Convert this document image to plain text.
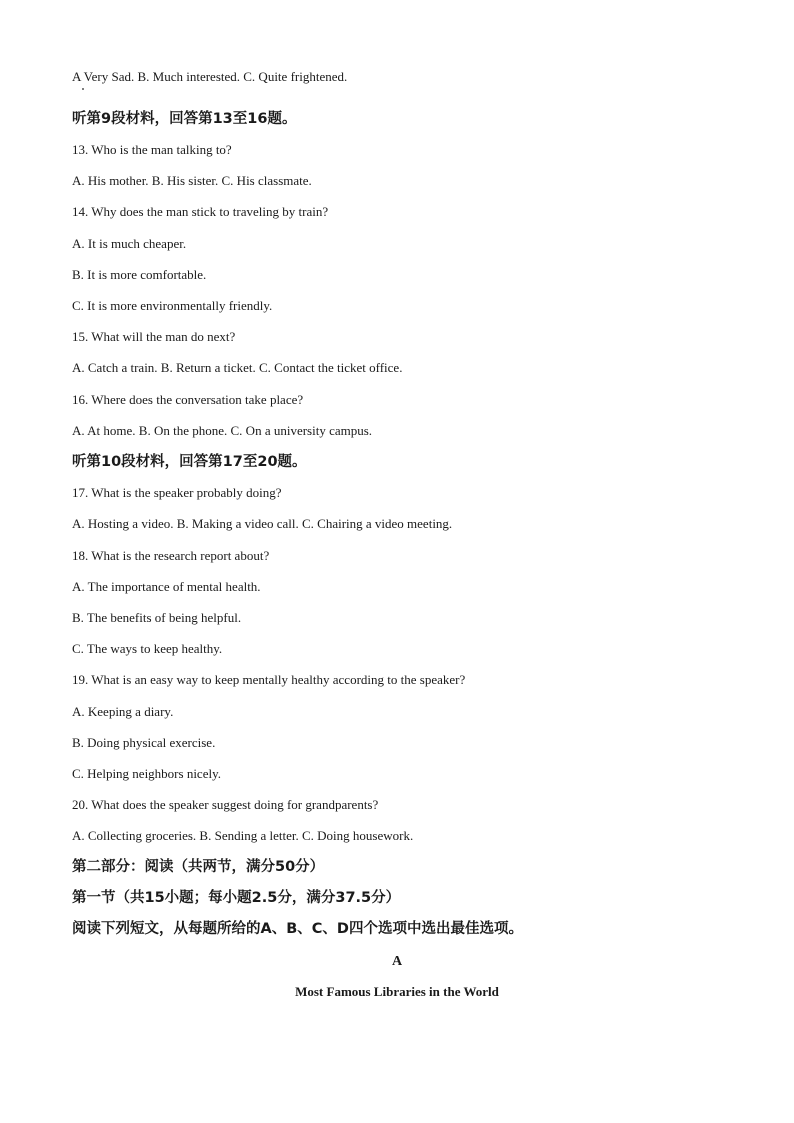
A Very Sad. B. Much interested. C. Quite frightened.
听第9段材料，回答第13至16题。
13. Who is the man talking to?
A. His mother. B. His sister. C. His classmate.
14. Why does the man stick to traveling by train?
A. It is much cheaper.
B. It is more comfortable.
C. It is more environmentally friendly.
15. What will the man do next?
A. Catch a train. B. Return a ticket. C. Contact the ticket office.
16. Where does the conversation take place?
A. At home. B. On the phone. C. On a university campus.
听第10段材料，回答第17至20题。
17. What is the speaker probably doing?
A. Hosting a video. B. Making a video call. C. Chairing a video meeting.
18. What is the research report about?
A. The importance of mental health.
B. The benefits of being helpful.
C. The ways to keep healthy.
19. What is an easy way to keep mentally healthy according to the speaker?
A. Keeping a diary.
B. Doing physical exercise.
C. Helping neighbors nicely.
20. What does the speaker suggest doing for grandparents?
A. Collecting groceries. B. Sending a letter. C. Doing housework.
第二部分：阅读（共两节，满分50分）
第一节（共15小题；每小题2.5分，满分37.5分）
阅读下列短文，从每题所给的A、B、C、D四个选项中选出最佳选项。
A
Most Famous Libraries in the World
